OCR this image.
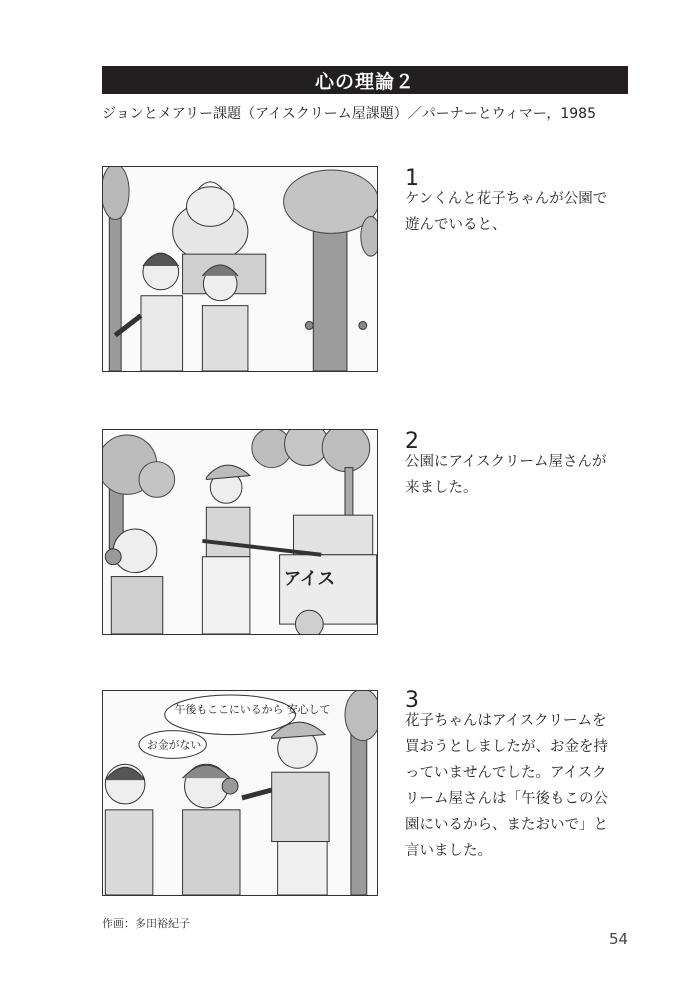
心の理論２
ジョンとメアリー課題（アイスクリーム屋課題）／パーナーとウィマー，1985
1
ケンくんと花子ちゃんが公園で遊んでいると、
アイス
2
公園にアイスクリーム屋さんが来ました。
午後もここにいるから 安心して
お金がない
3
花子ちゃんはアイスクリームを買おうとしましたが、お金を持っていませんでした。アイスクリーム屋さんは「午後もこの公園にいるから、またおいで」と言いました。
作画：多田裕紀子
54
